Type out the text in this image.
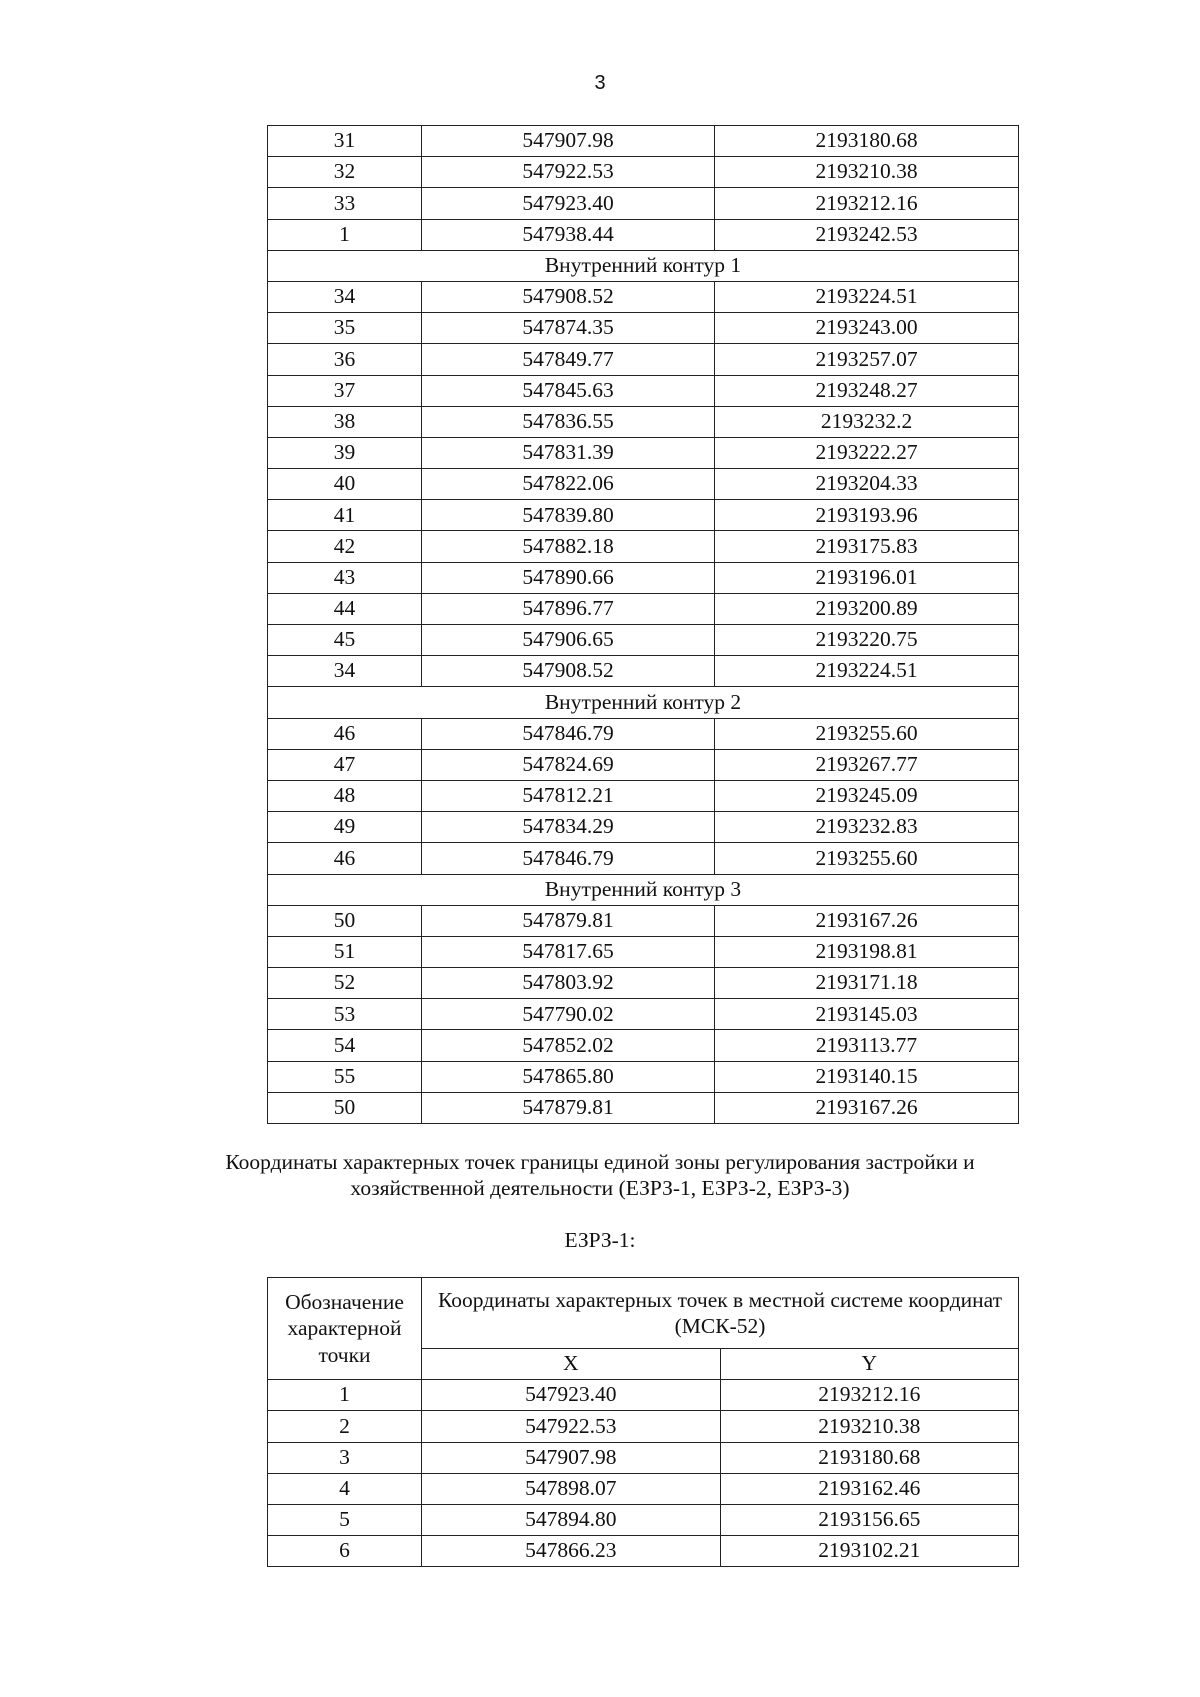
3
31	547907.98	2193180.68
32	547922.53	2193210.38
33	547923.40	2193212.16
1	547938.44	2193242.53
Внутренний контур 1		
34	547908.52	2193224.51
35	547874.35	2193243.00
36	547849.77	2193257.07
37	547845.63	2193248.27
38	547836.55	2193232.2
39	547831.39	2193222.27
40	547822.06	2193204.33
41	547839.80	2193193.96
42	547882.18	2193175.83
43	547890.66	2193196.01
44	547896.77	2193200.89
45	547906.65	2193220.75
34	547908.52	2193224.51
Внутренний контур 2		
46	547846.79	2193255.60
47	547824.69	2193267.77
48	547812.21	2193245.09
49	547834.29	2193232.83
46	547846.79	2193255.60
Внутренний контур 3		
50	547879.81	2193167.26
51	547817.65	2193198.81
52	547803.92	2193171.18
53	547790.02	2193145.03
54	547852.02	2193113.77
55	547865.80	2193140.15
50	547879.81	2193167.26
Координаты характерных точек границы единой зоны регулирования застройки и
хозяйственной деятельности (ЕЗРЗ-1, ЕЗРЗ-2, ЕЗРЗ-3)
ЕЗРЗ-1:
Обозначение характерной точки	Координаты характерных точек в местной системе координат (МСК-52)	
	X	Y
1	547923.40	2193212.16
2	547922.53	2193210.38
3	547907.98	2193180.68
4	547898.07	2193162.46
5	547894.80	2193156.65
6	547866.23	2193102.21
